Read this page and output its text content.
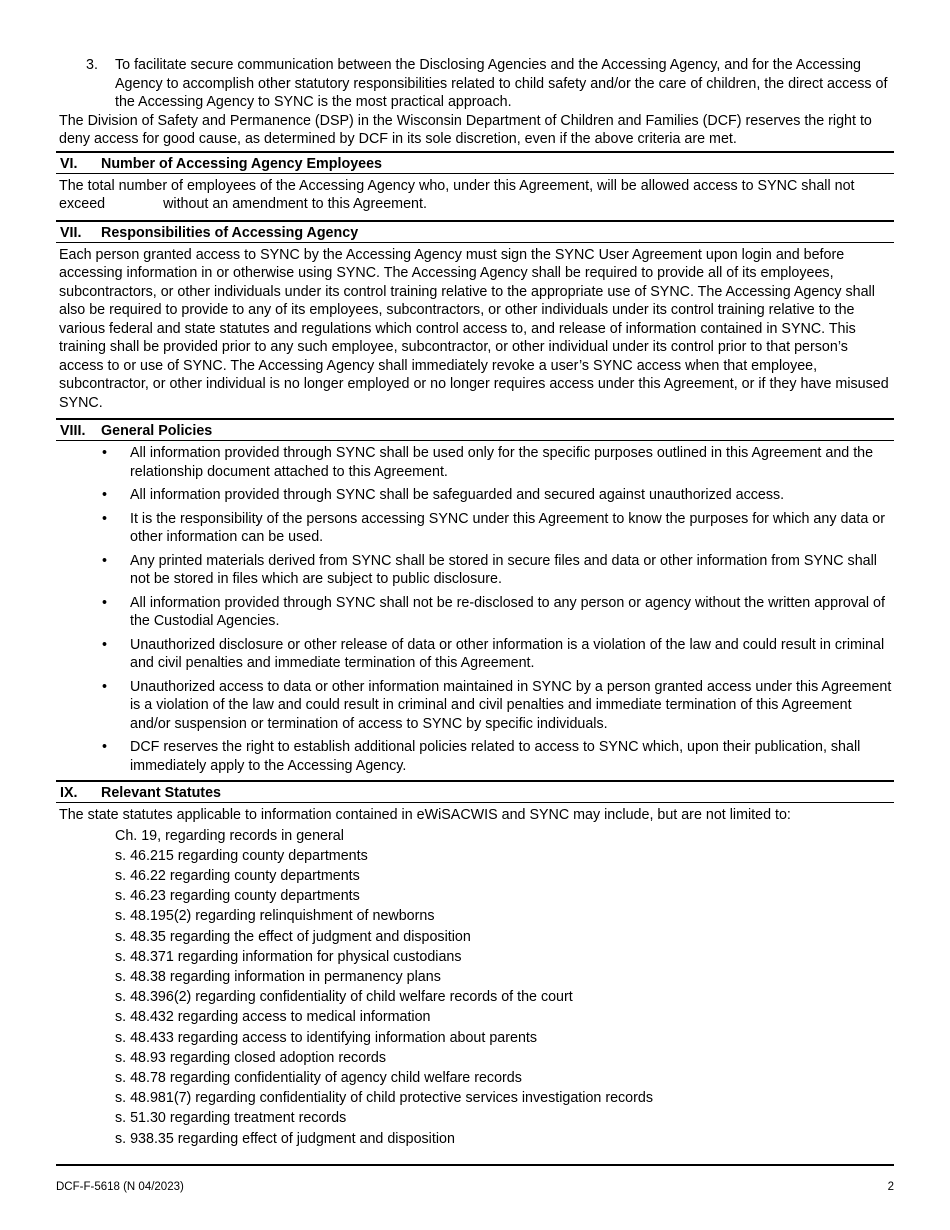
3.	To facilitate secure communication between the Disclosing Agencies and the Accessing Agency, and for the Accessing Agency to accomplish other statutory responsibilities related to child safety and/or the care of children, the direct access of the Accessing Agency to SYNC is the most practical approach.

The Division of Safety and Permanence (DSP) in the Wisconsin Department of Children and Families (DCF) reserves the right to deny access for good cause, as determined by DCF in its sole discretion, even if the above criteria are met.

VI.	Number of Accessing Agency Employees
The total number of employees of the Accessing Agency who, under this Agreement, will be allowed access to SYNC shall not exceed	without an amendment to this Agreement.
VII.	Responsibilities of Accessing Agency
Each person granted access to SYNC by the Accessing Agency must sign the SYNC User Agreement upon login and before accessing information in or otherwise using SYNC. The Accessing Agency shall be required to provide all of its employees, subcontractors, or other individuals under its control training relative to the appropriate use of SYNC. The Accessing Agency shall also be required to provide to any of its employees, subcontractors, or other individuals under its control training relative to the various federal and state statutes and regulations which control access to, and release of information contained in SYNC. This training shall be provided prior to any such employee, subcontractor, or other individual under its control prior to that person’s access to or use of SYNC. The Accessing Agency shall immediately revoke a user’s SYNC access when that employee, subcontractor, or other individual is no longer employed or no longer requires access under this Agreement, or if they have misused SYNC.
VIII.	General Policies
•	All information provided through SYNC shall be used only for the specific purposes outlined in this Agreement and the relationship document attached to this Agreement.
•	All information provided through SYNC shall be safeguarded and secured against unauthorized access.
•	It is the responsibility of the persons accessing SYNC under this Agreement to know the purposes for which any data or other information can be used.
•	Any printed materials derived from SYNC shall be stored in secure files and data or other information from SYNC shall not be stored in files which are subject to public disclosure.
•	All information provided through SYNC shall not be re-disclosed to any person or agency without the written approval of the Custodial Agencies.
•	Unauthorized disclosure or other release of data or other information is a violation of the law and could result in criminal and civil penalties and immediate termination of this Agreement.
•	Unauthorized access to data or other information maintained in SYNC by a person granted access under this Agreement is a violation of the law and could result in criminal and civil penalties and immediate termination of this Agreement and/or suspension or termination of access to SYNC by specific individuals.
•	DCF reserves the right to establish additional policies related to access to SYNC which, upon their publication, shall immediately apply to the Accessing Agency.
IX.	Relevant Statutes
The state statutes applicable to information contained in eWiSACWIS and SYNC may include, but are not limited to:
Ch. 19, regarding records in general
s. 46.215 regarding county departments
s. 46.22 regarding county departments
s. 46.23 regarding county departments
s. 48.195(2) regarding relinquishment of newborns
s. 48.35 regarding the effect of judgment and disposition
s. 48.371 regarding information for physical custodians
s. 48.38 regarding information in permanency plans
s. 48.396(2) regarding confidentiality of child welfare records of the court
s. 48.432 regarding access to medical information
s. 48.433 regarding access to identifying information about parents
s. 48.93 regarding closed adoption records
s. 48.78 regarding confidentiality of agency child welfare records
s. 48.981(7) regarding confidentiality of child protective services investigation records
s. 51.30 regarding treatment records
s. 938.35 regarding effect of judgment and disposition
DCF-F-5618 (N 04/2023)	2
